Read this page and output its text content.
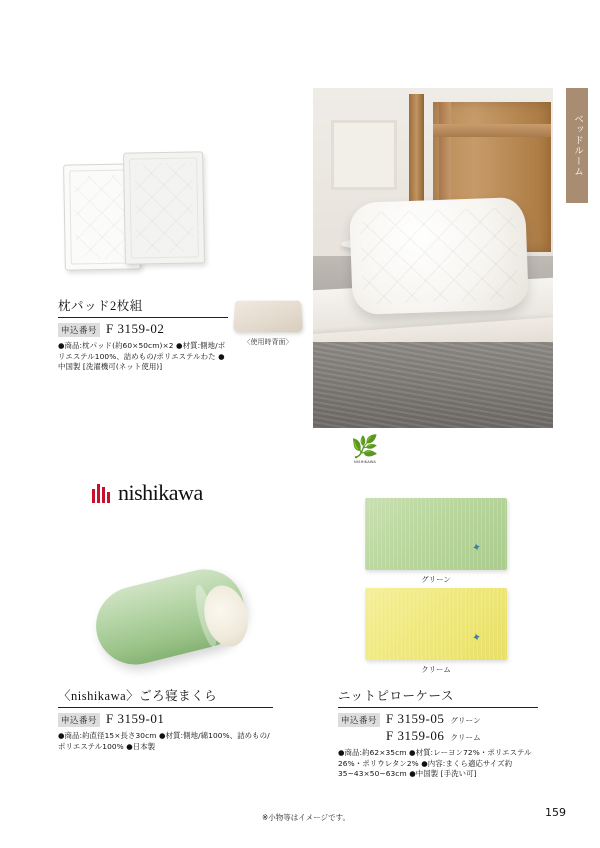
ベッドルーム
〈使用時背面〉
枕パッド2枚組
申込番号 F 3159-02
●商品:枕パッド(約60×50cm)×2 ●材質:側地/ポリエステル100%、詰めもの/ポリエステルわた ●中国製 [洗濯機可(ネット使用)]
nishikawa
〈nishikawa〉ごろ寝まくら
申込番号 F 3159-01
●商品:約直径15×長さ30cm ●材質:側地/綿100%、詰めもの/ポリエステル100% ●日本製
🌿
NISHIKAWA
✦
グリーン
✦
クリーム
ニットピローケース
申込番号 F 3159-05 グリーン
F 3159-06 クリーム
●商品:約62×35cm ●材質:レーヨン72%・ポリエステル26%・ポリウレタン2% ●内容:まくら適応サイズ約35~43×50~63cm ●中国製 [手洗い可]
※小物等はイメージです。	159
